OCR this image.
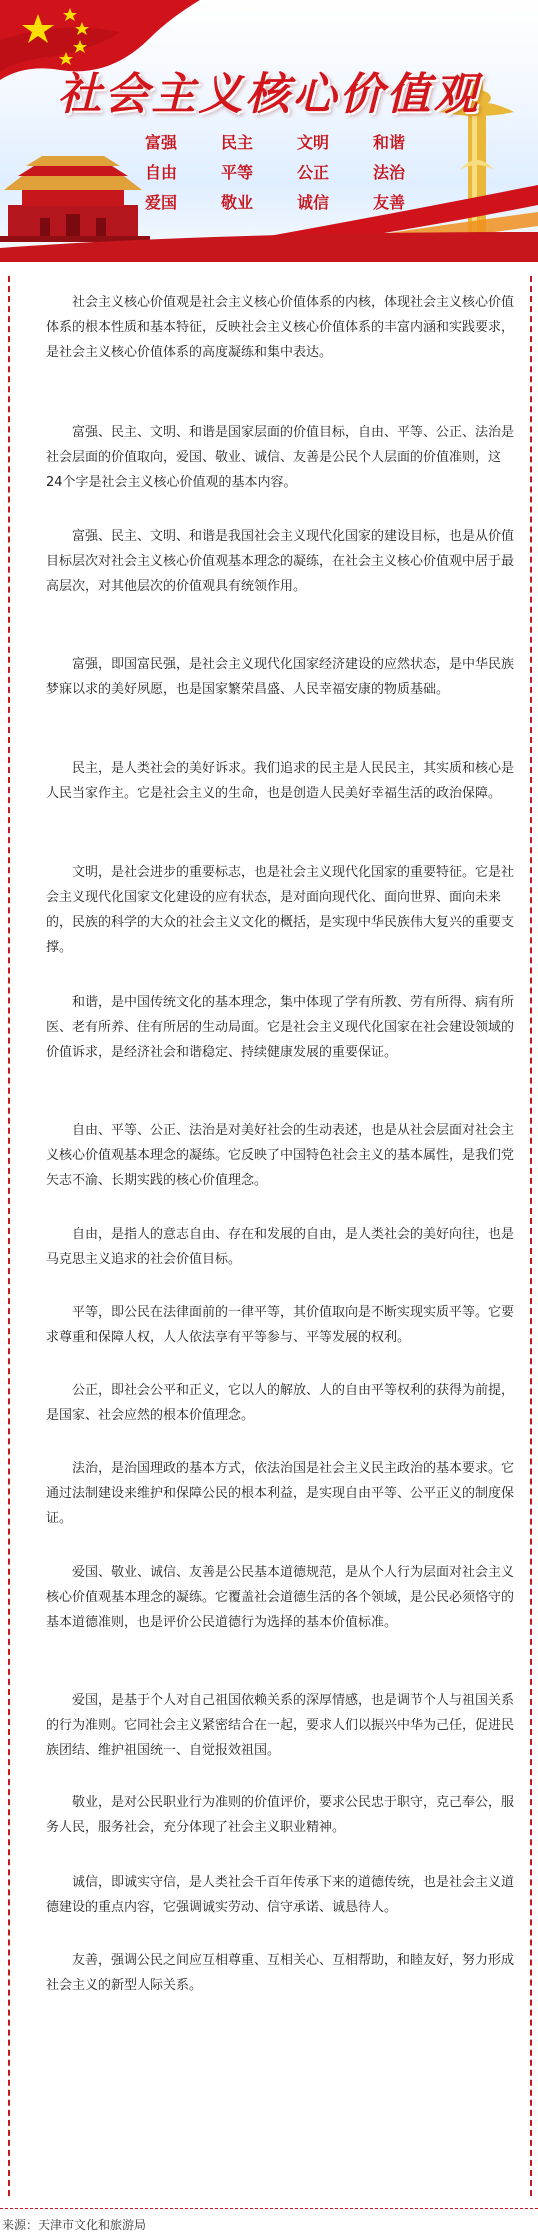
社会主义核心价值观
富强	民主	文明	和谐
自由	平等	公正	法治
爱国	敬业	诚信	友善

社会主义核心价值观是社会主义核心价值体系的内核，体现社会主义核心价值体系的根本性质和基本特征，反映社会主义核心价值体系的丰富内涵和实践要求，是社会主义核心价值体系的高度凝练和集中表达。

富强、民主、文明、和谐是国家层面的价值目标，自由、平等、公正、法治是社会层面的价值取向，爱国、敬业、诚信、友善是公民个人层面的价值准则，这24个字是社会主义核心价值观的基本内容。

富强、民主、文明、和谐是我国社会主义现代化国家的建设目标，也是从价值目标层次对社会主义核心价值观基本理念的凝练，在社会主义核心价值观中居于最高层次，对其他层次的价值观具有统领作用。

富强，即国富民强，是社会主义现代化国家经济建设的应然状态，是中华民族梦寐以求的美好夙愿，也是国家繁荣昌盛、人民幸福安康的物质基础。

民主，是人类社会的美好诉求。我们追求的民主是人民民主，其实质和核心是人民当家作主。它是社会主义的生命，也是创造人民美好幸福生活的政治保障。

文明，是社会进步的重要标志，也是社会主义现代化国家的重要特征。它是社会主义现代化国家文化建设的应有状态，是对面向现代化、面向世界、面向未来的，民族的科学的大众的社会主义文化的概括，是实现中华民族伟大复兴的重要支撑。

和谐，是中国传统文化的基本理念，集中体现了学有所教、劳有所得、病有所医、老有所养、住有所居的生动局面。它是社会主义现代化国家在社会建设领域的价值诉求，是经济社会和谐稳定、持续健康发展的重要保证。

自由、平等、公正、法治是对美好社会的生动表述，也是从社会层面对社会主义核心价值观基本理念的凝练。它反映了中国特色社会主义的基本属性，是我们党矢志不渝、长期实践的核心价值理念。

自由，是指人的意志自由、存在和发展的自由，是人类社会的美好向往，也是马克思主义追求的社会价值目标。

平等，即公民在法律面前的一律平等，其价值取向是不断实现实质平等。它要求尊重和保障人权，人人依法享有平等参与、平等发展的权利。

公正，即社会公平和正义，它以人的解放、人的自由平等权利的获得为前提，是国家、社会应然的根本价值理念。

法治，是治国理政的基本方式，依法治国是社会主义民主政治的基本要求。它通过法制建设来维护和保障公民的根本利益，是实现自由平等、公平正义的制度保证。

爱国、敬业、诚信、友善是公民基本道德规范，是从个人行为层面对社会主义核心价值观基本理念的凝练。它覆盖社会道德生活的各个领域，是公民必须恪守的基本道德准则，也是评价公民道德行为选择的基本价值标准。

爱国，是基于个人对自己祖国依赖关系的深厚情感，也是调节个人与祖国关系的行为准则。它同社会主义紧密结合在一起，要求人们以振兴中华为己任，促进民族团结、维护祖国统一、自觉报效祖国。

敬业，是对公民职业行为准则的价值评价，要求公民忠于职守，克己奉公，服务人民，服务社会，充分体现了社会主义职业精神。

诚信，即诚实守信，是人类社会千百年传承下来的道德传统，也是社会主义道德建设的重点内容，它强调诚实劳动、信守承诺、诚恳待人。

友善，强调公民之间应互相尊重、互相关心、互相帮助，和睦友好，努力形成社会主义的新型人际关系。

来源：天津市文化和旅游局
